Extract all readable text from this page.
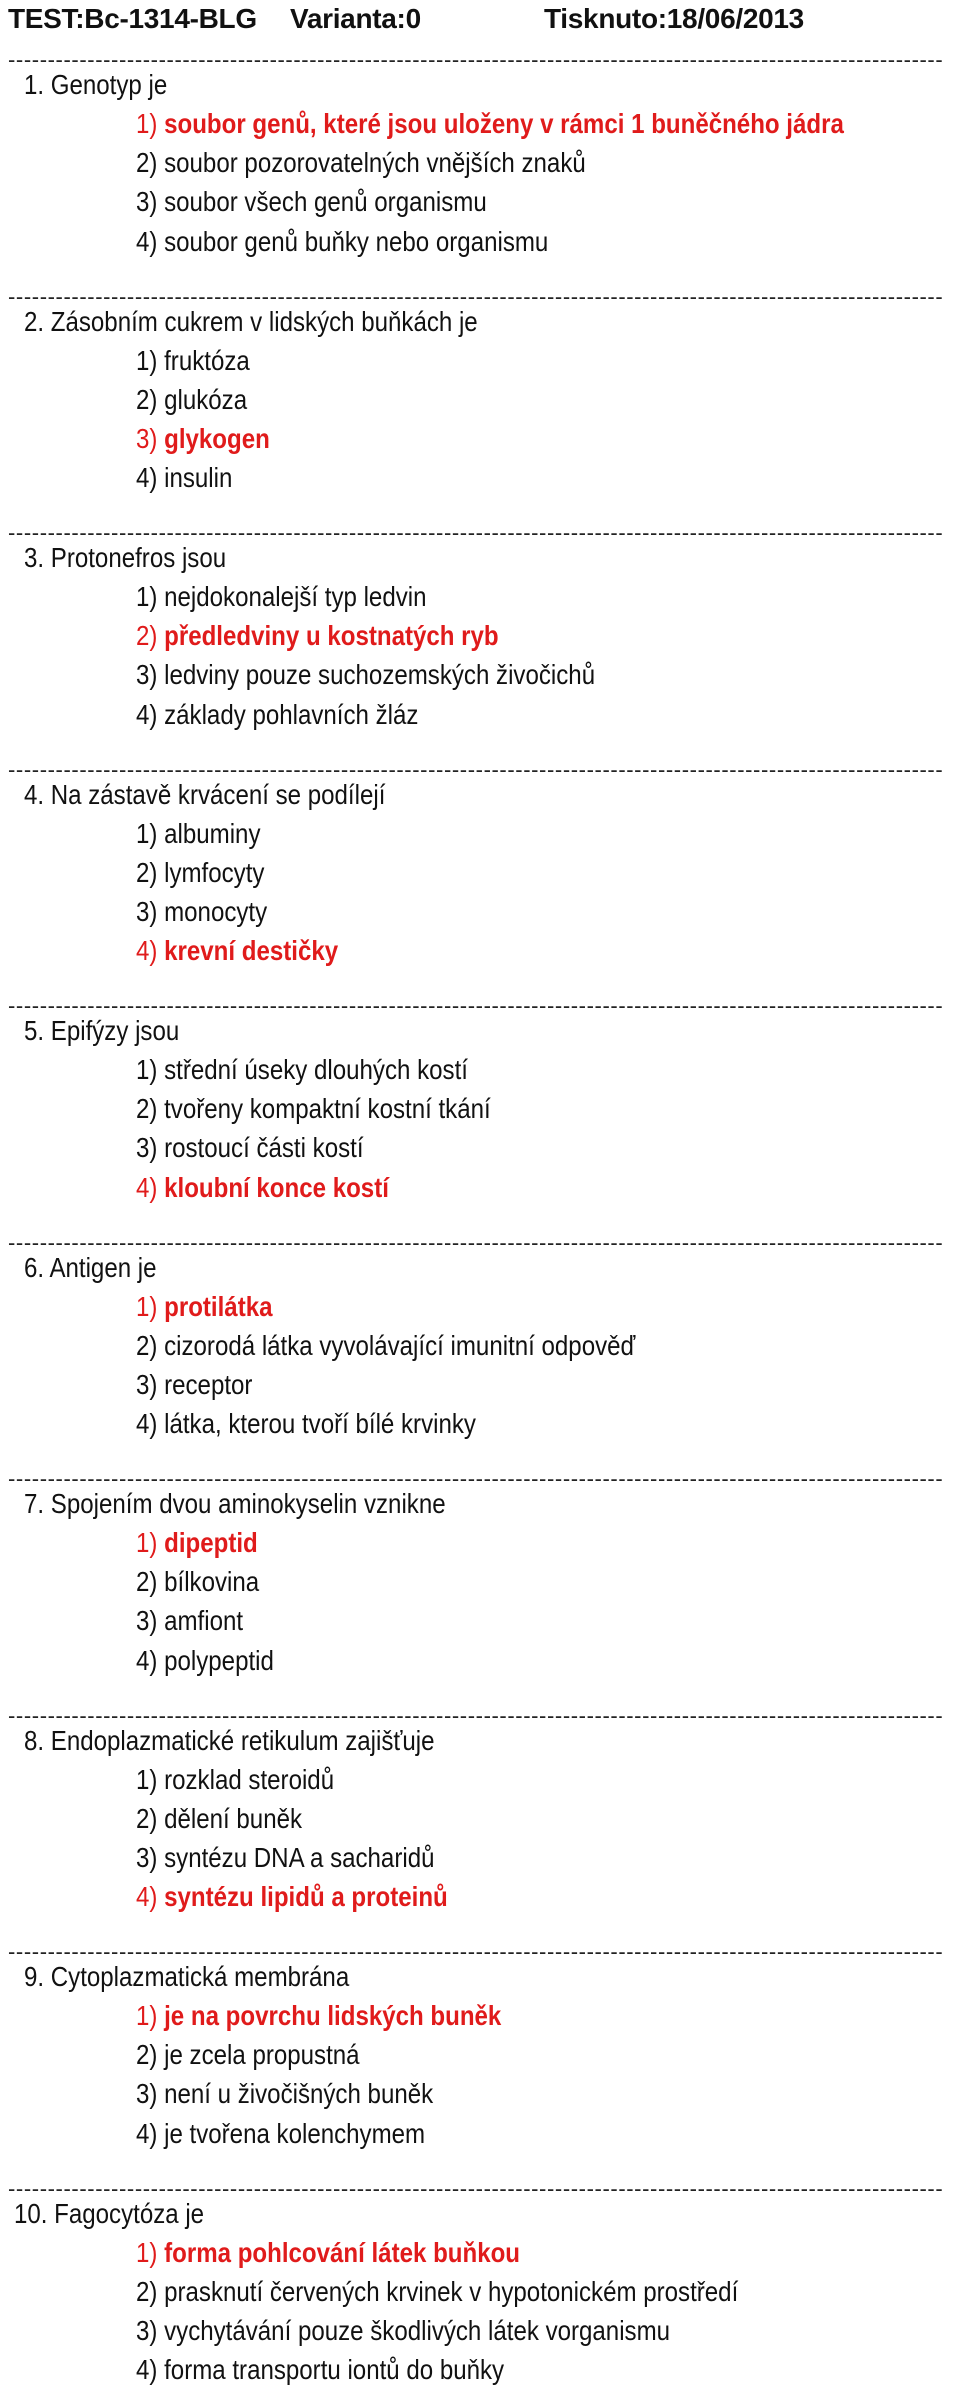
TEST:Bc-1314-BLG Varianta:0	Tisknuto:18/06/2013
----------------------------------------------------------------------------------------------------------------------
1. Genotyp je
1) soubor genů, které jsou uloženy v rámci 1 buněčného jádra
2) soubor pozorovatelných vnějších znaků
3) soubor všech genů organismu
4) soubor genů buňky nebo organismu
----------------------------------------------------------------------------------------------------------------------
2. Zásobním cukrem v lidských buňkách je
1) fruktóza
2) glukóza
3) glykogen
4) insulin
----------------------------------------------------------------------------------------------------------------------
3. Protonefros jsou
1) nejdokonalejší typ ledvin
2) předledviny u kostnatých ryb
3) ledviny pouze suchozemských živočichů
4) základy pohlavních žláz
----------------------------------------------------------------------------------------------------------------------
4. Na zástavě krvácení se podílejí
1) albuminy
2) lymfocyty
3) monocyty
4) krevní destičky
----------------------------------------------------------------------------------------------------------------------
5. Epifýzy jsou
1) střední úseky dlouhých kostí
2) tvořeny kompaktní kostní tkání
3) rostoucí části kostí
4) kloubní konce kostí
----------------------------------------------------------------------------------------------------------------------
6. Antigen je
1) protilátka
2) cizorodá látka vyvolávající imunitní odpověď
3) receptor
4) látka, kterou tvoří bílé krvinky
----------------------------------------------------------------------------------------------------------------------
7. Spojením dvou aminokyselin vznikne
1) dipeptid
2) bílkovina
3) amfiont
4) polypeptid
----------------------------------------------------------------------------------------------------------------------
8. Endoplazmatické retikulum zajišťuje
1) rozklad steroidů
2) dělení buněk
3) syntézu DNA a sacharidů
4) syntézu lipidů a proteinů
----------------------------------------------------------------------------------------------------------------------
9. Cytoplazmatická membrána
1) je na povrchu lidských buněk
2) je zcela propustná
3) není u živočišných buněk
4) je tvořena kolenchymem
----------------------------------------------------------------------------------------------------------------------
10. Fagocytóza je
1) forma pohlcování látek buňkou
2) prasknutí červených krvinek v hypotonickém prostředí
3) vychytávání pouze škodlivých látek vorganismu
4) forma transportu iontů do buňky
